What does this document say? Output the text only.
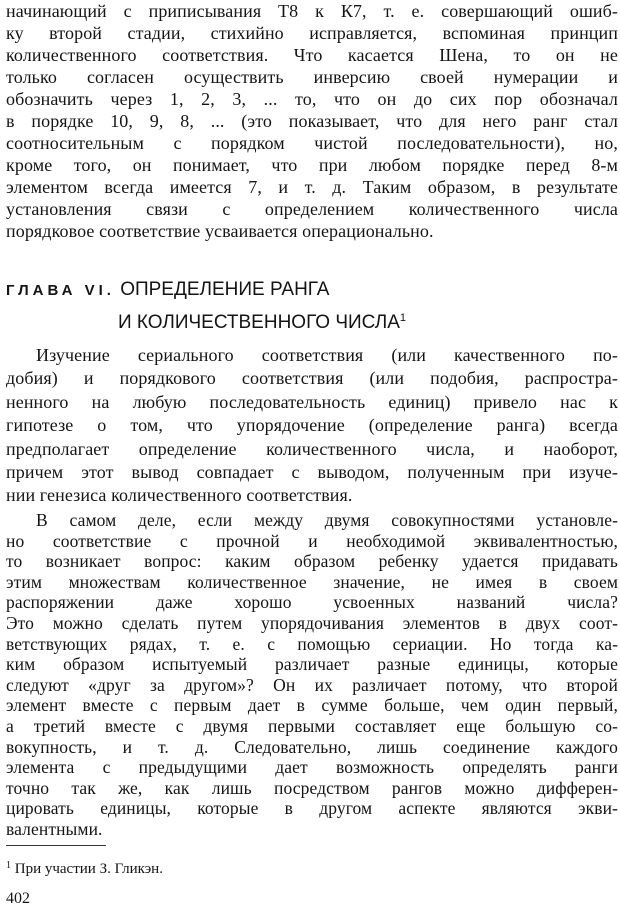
начинающий с приписывания Т8 к К7, т. е. совершающий ошиб-
ку второй стадии, стихийно исправляется, вспоминая принцип
количественного соответствия. Что касается Шена, то он не
только согласен осуществить инверсию своей нумерации и
обозначить через 1, 2, 3, ... то, что он до сих пор обозначал
в порядке 10, 9, 8, ... (это показывает, что для него ранг стал
соотносительным с порядком чистой последовательности), но,
кроме того, он понимает, что при любом порядке перед 8-м
элементом всегда имеется 7, и т. д. Таким образом, в результате
установления связи с определением количественного числа
порядковое соответствие усваивается операционально.
ГЛАВА VI. ОПРЕДЕЛЕНИЕ РАНГА
И КОЛИЧЕСТВЕННОГО ЧИСЛА$^1$
Изучение сериального соответствия (или качественного по-
добия) и порядкового соответствия (или подобия, распростра-
ненного на любую последовательность единиц) привело нас к
гипотезе о том, что упорядочение (определение ранга) всегда
предполагает определение количественного числа, и наоборот,
причем этот вывод совпадает с выводом, полученным при изуче-
нии генезиса количественного соответствия.
В самом деле, если между двумя совокупностями установле-
но соответствие с прочной и необходимой эквивалентностью,
то возникает вопрос: каким образом ребенку удается придавать
этим множествам количественное значение, не имея в своем
распоряжении даже хорошо усвоенных названий числа?
Это можно сделать путем упорядочивания элементов в двух соот-
ветствующих рядах, т. е. с помощью сериации. Но тогда ка-
ким образом испытуемый различает разные единицы, которые
следуют «друг за другом»? Он их различает потому, что второй
элемент вместе с первым дает в сумме больше, чем один первый,
а третий вместе с двумя первыми составляет еще большую со-
вокупность, и т. д. Следовательно, лишь соединение каждого
элемента с предыдущими дает возможность определять ранги
точно так же, как лишь посредством рангов можно дифферен-
цировать единицы, которые в другом аспекте являются экви-
валентными.
$^1$ При участии З. Гликэн.
402
